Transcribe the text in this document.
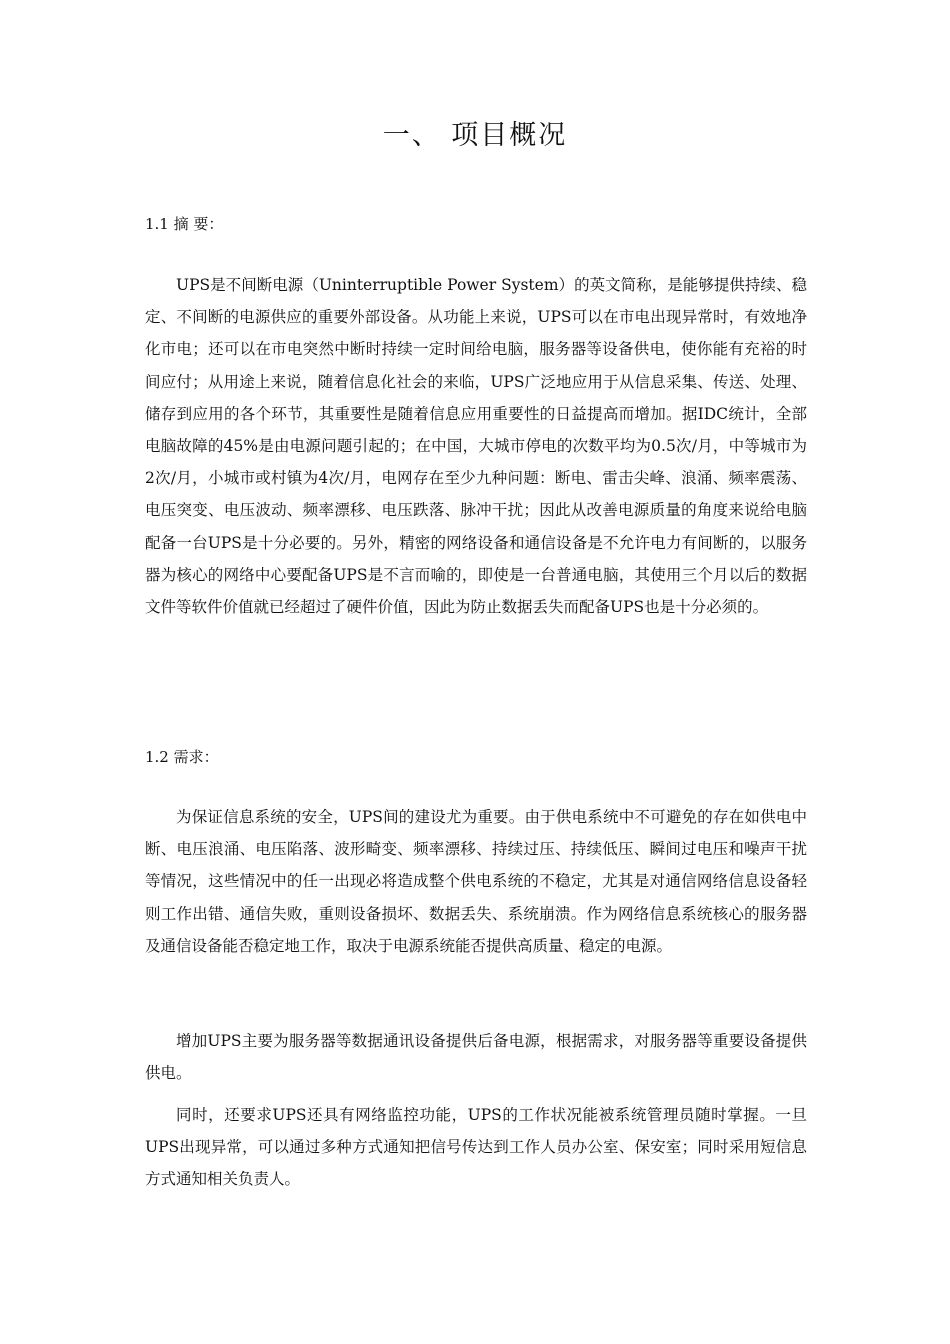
一、 项目概况
1.1 摘 要：

UPS是不间断电源（Uninterruptible Power System）的英文简称，是能够提供持续、稳定、不间断的电源供应的重要外部设备。从功能上来说，UPS可以在市电出现异常时，有效地净化市电；还可以在市电突然中断时持续一定时间给电脑，服务器等设备供电，使你能有充裕的时间应付；从用途上来说，随着信息化社会的来临，UPS广泛地应用于从信息采集、传送、处理、储存到应用的各个环节，其重要性是随着信息应用重要性的日益提高而增加。据IDC统计，全部电脑故障的45%是由电源问题引起的；在中国，大城市停电的次数平均为0.5次/月，中等城市为2次/月，小城市或村镇为4次/月，电网存在至少九种问题：断电、雷击尖峰、浪涌、频率震荡、电压突变、电压波动、频率漂移、电压跌落、脉冲干扰；因此从改善电源质量的角度来说给电脑配备一台UPS是十分必要的。另外，精密的网络设备和通信设备是不允许电力有间断的，以服务器为核心的网络中心要配备UPS是不言而喻的，即使是一台普通电脑，其使用三个月以后的数据文件等软件价值就已经超过了硬件价值，因此为防止数据丢失而配备UPS也是十分必须的。

1.2 需求：

为保证信息系统的安全，UPS间的建设尤为重要。由于供电系统中不可避免的存在如供电中断、电压浪涌、电压陷落、波形畸变、频率漂移、持续过压、持续低压、瞬间过电压和噪声干扰等情况，这些情况中的任一出现必将造成整个供电系统的不稳定，尤其是对通信网络信息设备轻则工作出错、通信失败，重则设备损坏、数据丢失、系统崩溃。作为网络信息系统核心的服务器及通信设备能否稳定地工作，取决于电源系统能否提供高质量、稳定的电源。

增加UPS主要为服务器等数据通讯设备提供后备电源，根据需求，对服务器等重要设备提供供电。

同时，还要求UPS还具有网络监控功能，UPS的工作状况能被系统管理员随时掌握。一旦UPS出现异常，可以通过多种方式通知把信号传达到工作人员办公室、保安室；同时采用短信息方式通知相关负责人。
